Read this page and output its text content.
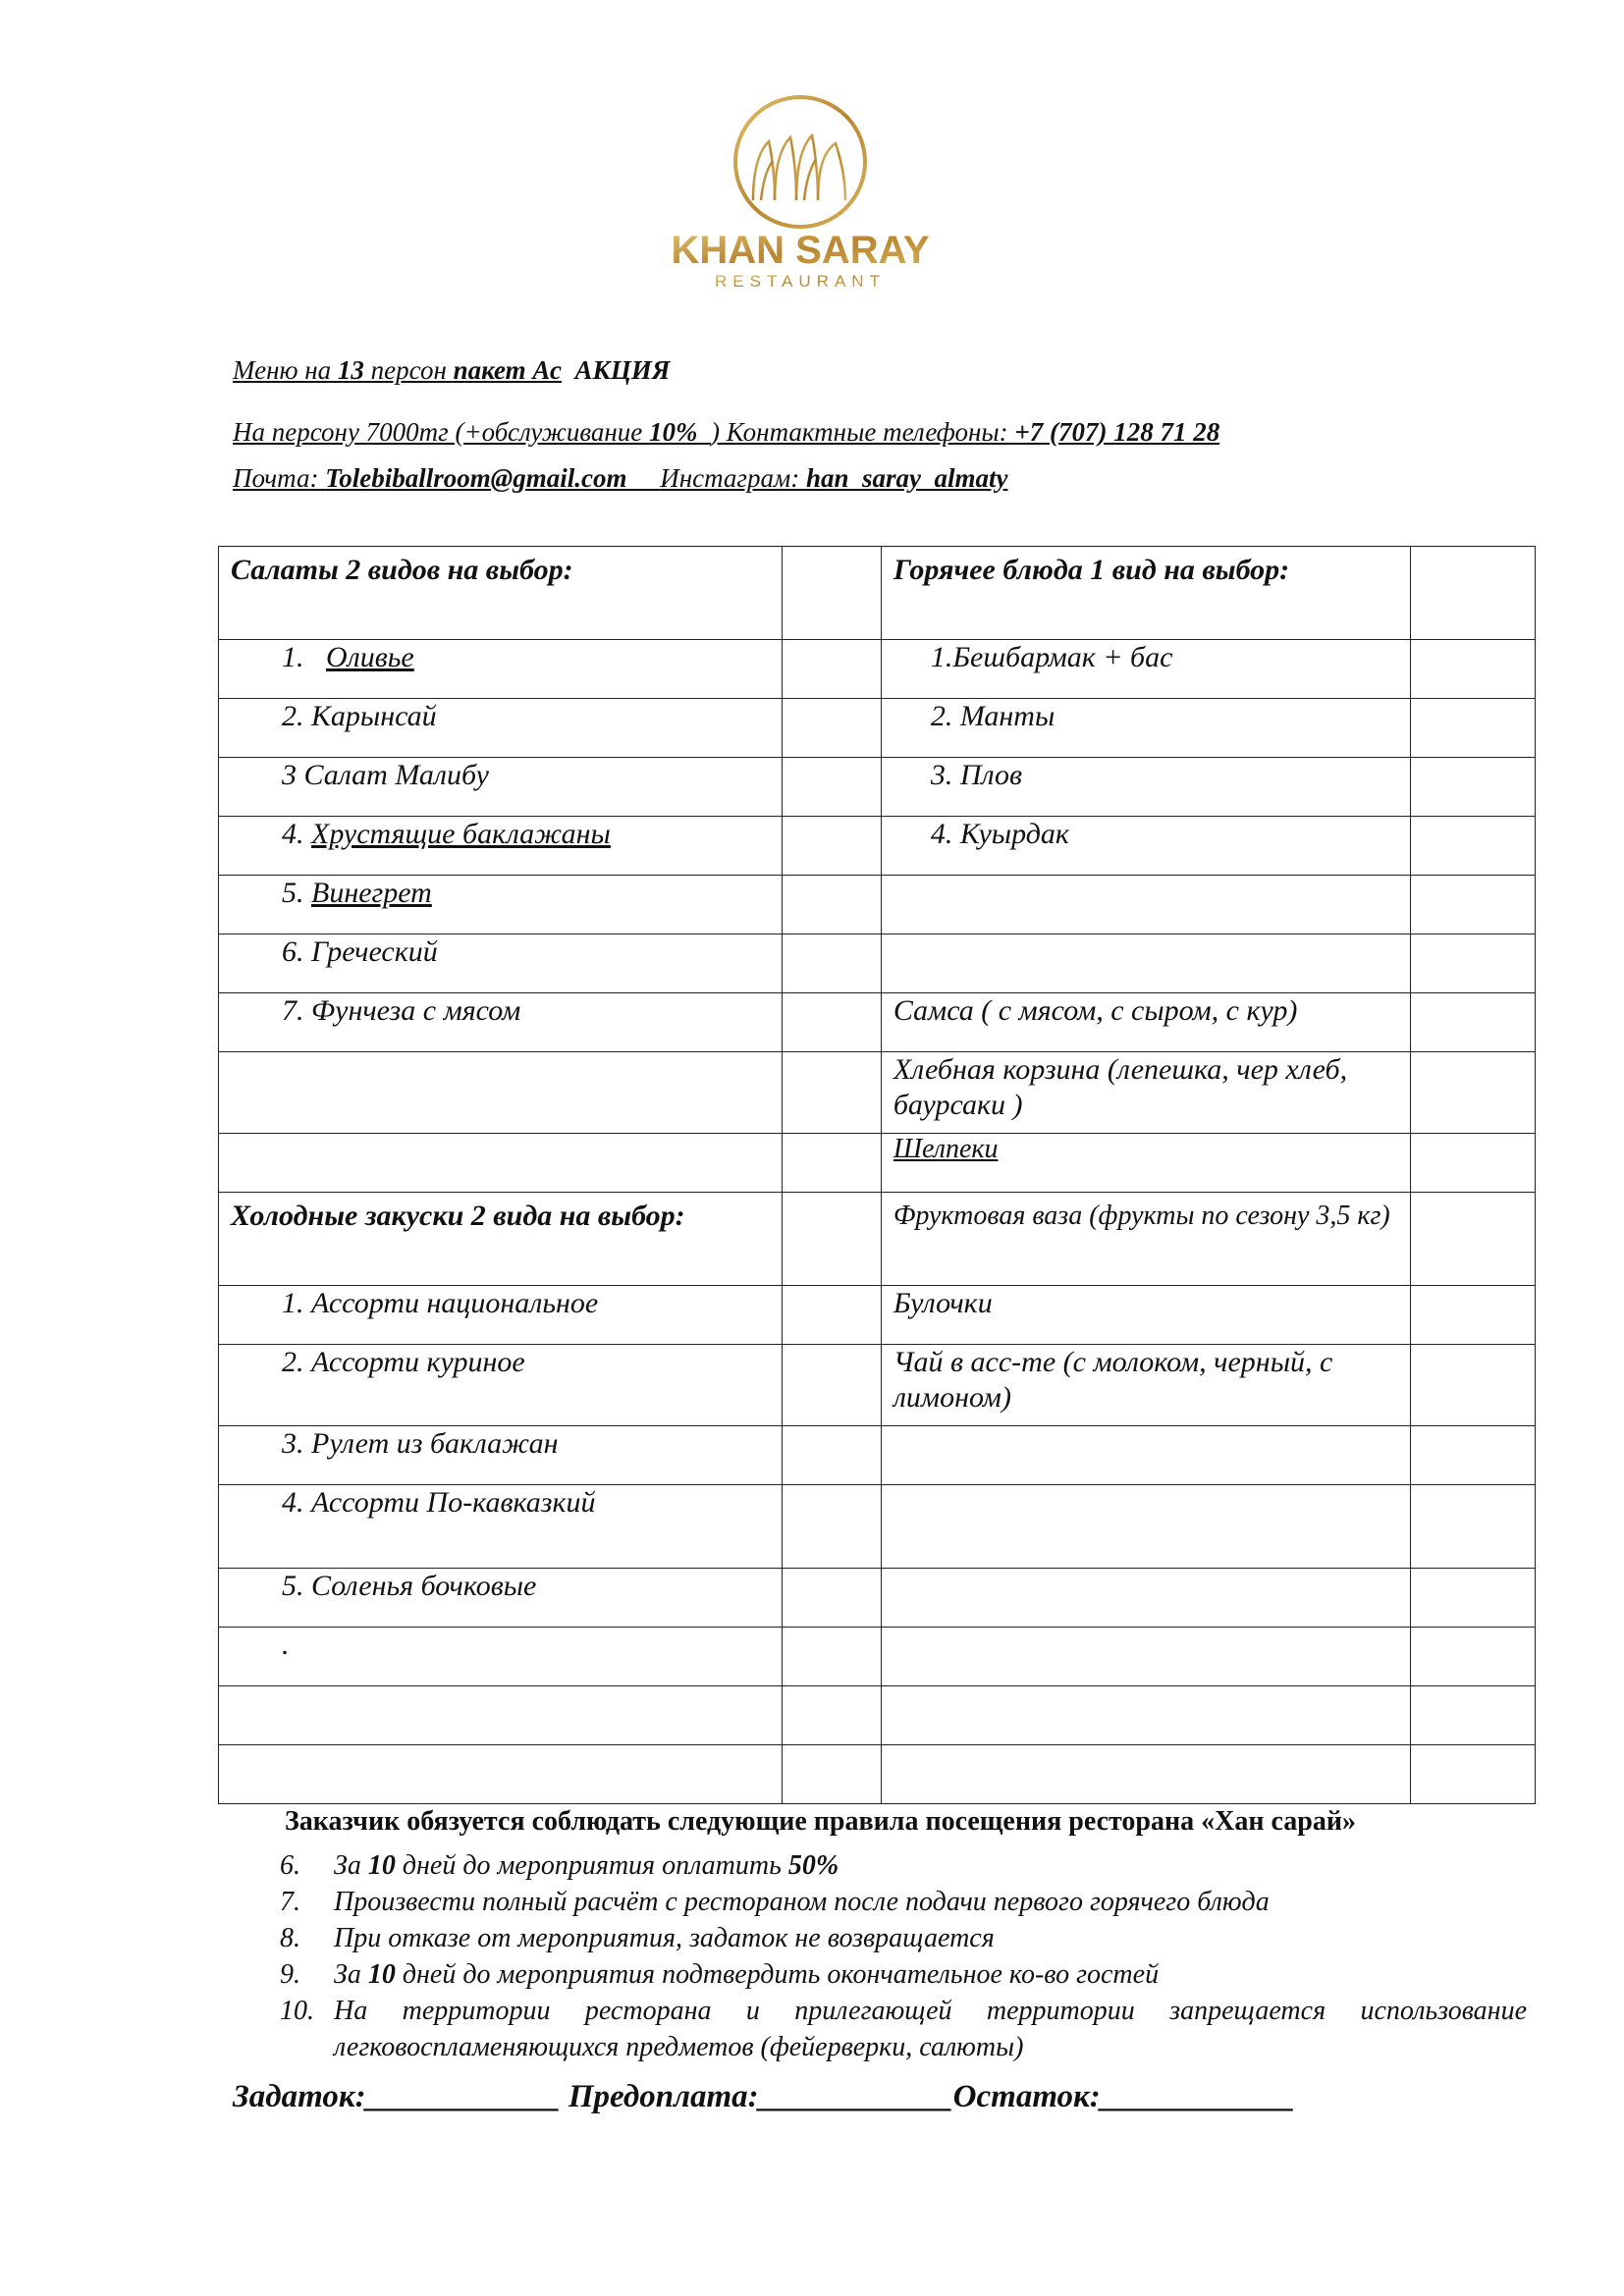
KHAN SARAY
RESTAURANT
Меню на 13 персон пакет Ас АКЦИЯ
На персону 7000тг (+обслуживание 10% ) Контактные телефоны: +7 (707) 128 71 28
Почта: Tolebiballroom@gmail.com Инстаграм: han_saray_almaty
Салаты 2 видов на выбор:		Горячее блюда 1 вид на выбор:	
1. Оливье		1.Бешбармак + бас	
2. Карынсай		2. Манты	
3 Салат Малибу		3. Плов	
4. Хрустящие баклажаны		4. Куырдак	
5. Винегрет			
6. Греческий			
7. Фунчеза с мясом		Самса ( с мясом, с сыром, с кур)	
		Хлебная корзина (лепешка, чер хлеб, баурсаки )	
		Шелпеки	
Холодные закуски 2 вида на выбор:		Фруктовая ваза (фрукты по сезону 3,5 кг)	
1. Ассорти национальное		Булочки	
2. Ассорти куриное		Чай в асс-те (с молоком, черный, с лимоном)	
3. Рулет из баклажан			
4. Ассорти По-кавказкий			
5. Соленья бочковые			
.			

Заказчик обязуется соблюдать следующие правила посещения ресторана «Хан сарай»
6. За 10 дней до мероприятия оплатить 50%
7. Произвести полный расчёт с рестораном после подачи первого горячего блюда
8. При отказе от мероприятия, задаток не возвращается
9. За 10 дней до мероприятия подтвердить окончательное ко-во гостей
10. На территории ресторана и прилегающей территории запрещается использование
легковоспламеняющихся предметов (фейерверки, салюты)
Задаток:____________ Предоплата:____________Остаток:____________
